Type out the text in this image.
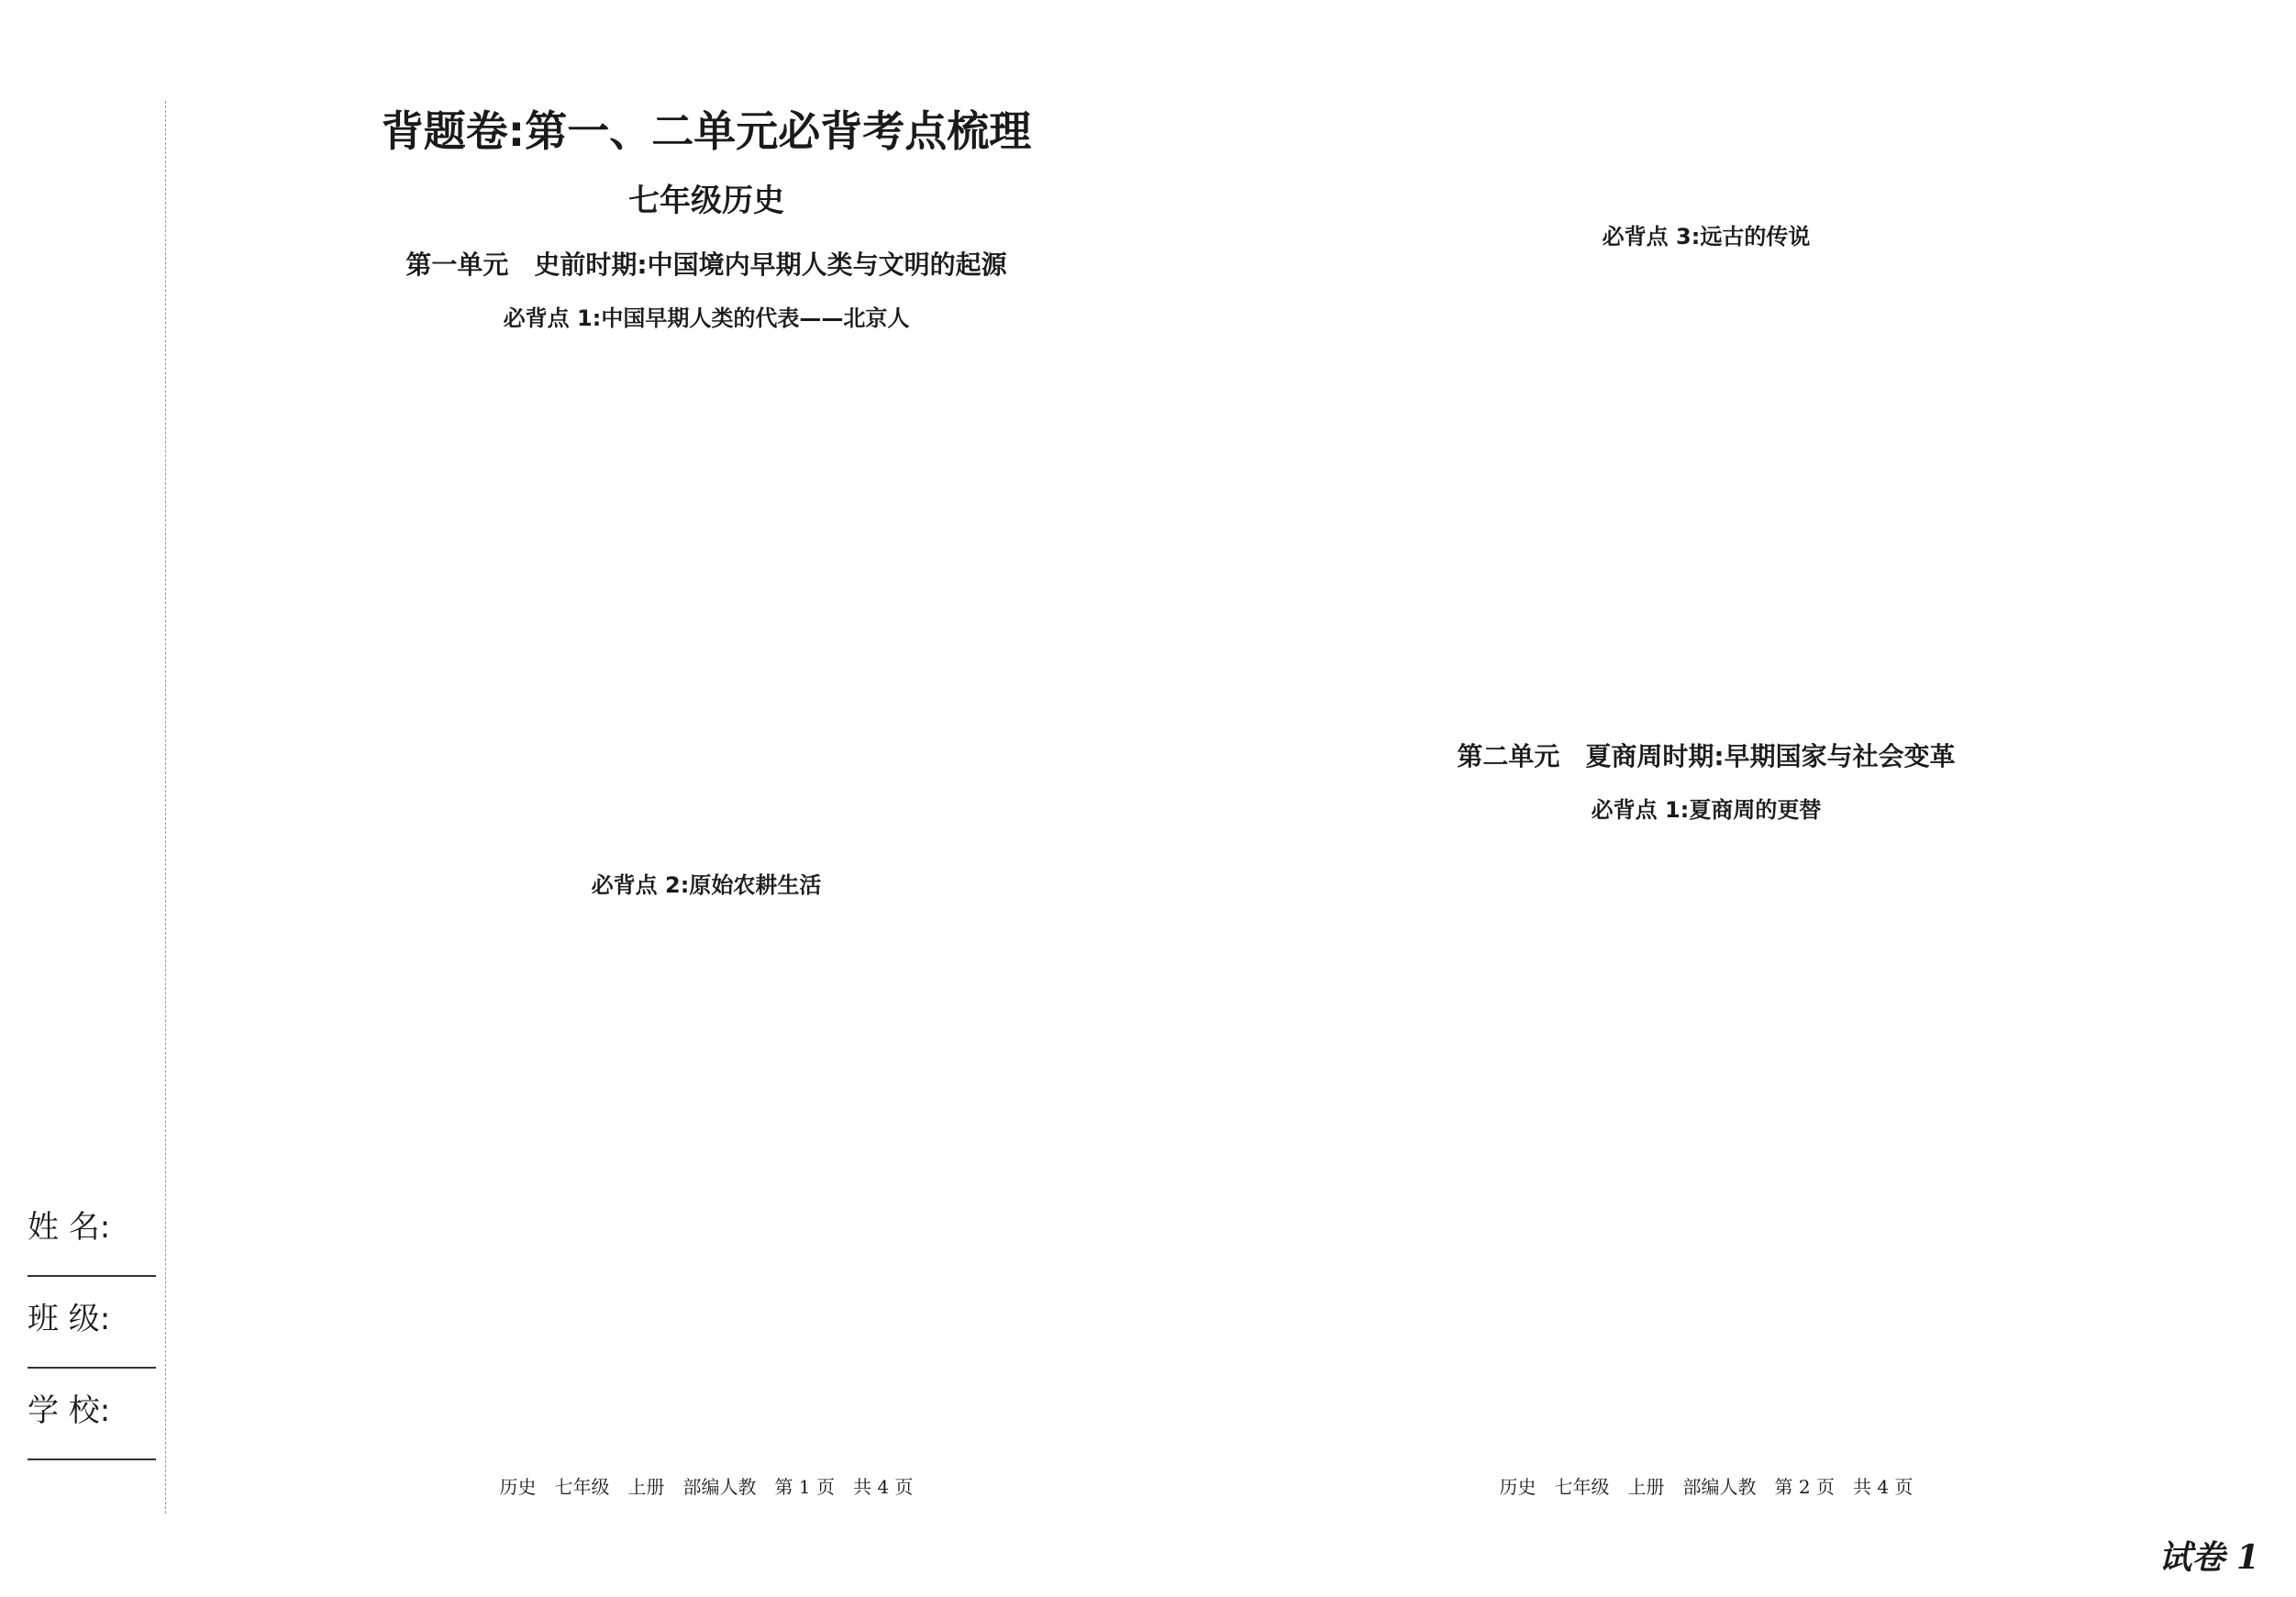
姓 名:
班 级:
学 校:
背题卷:第一、二单元必背考点梳理
七年级历史
第一单元　史前时期:中国境内早期人类与文明的起源
必背点 1:中国早期人类的代表——北京人
必背点 2:原始农耕生活
历史　七年级　上册　部编人教　第 1 页　共 4 页
必背点 3:远古的传说
第二单元　夏商周时期:早期国家与社会变革
必背点 1:夏商周的更替
历史　七年级　上册　部编人教　第 2 页　共 4 页
试卷 1
